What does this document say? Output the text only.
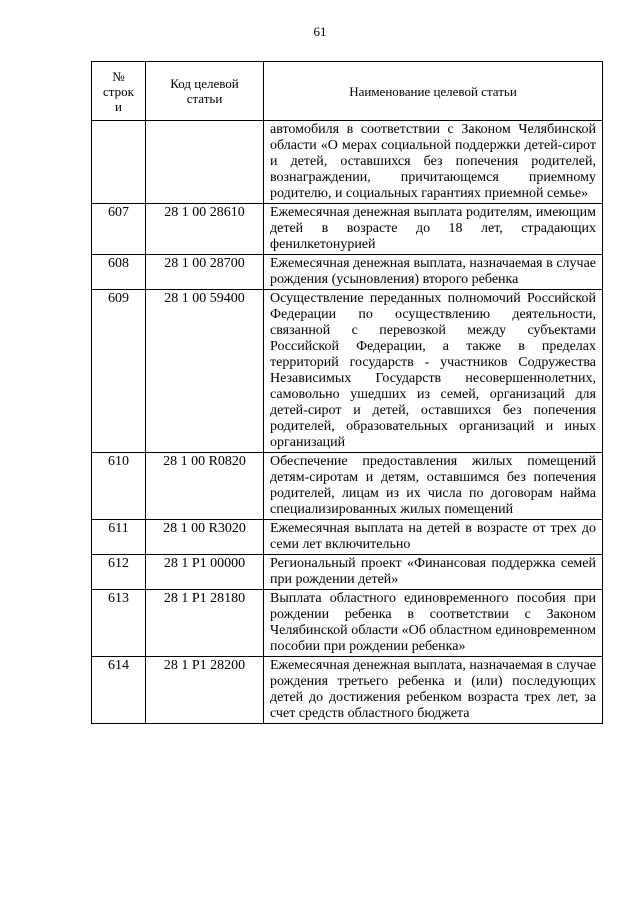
61
№ строк и	Код целевой статьи	Наименование целевой статьи
		автомобиля в соответствии с Законом Челябинской области «О мерах социальной поддержки детей-сирот и детей, оставшихся без попечения родителей, вознаграждении, причитающемся приемному родителю, и социальных гарантиях приемной семье»
607	28 1 00 28610	Ежемесячная денежная выплата родителям, имеющим детей в возрасте до 18 лет, страдающих фенилкетонурией
608	28 1 00 28700	Ежемесячная денежная выплата, назначаемая в случае рождения (усыновления) второго ребенка
609	28 1 00 59400	Осуществление переданных полномочий Российской Федерации по осуществлению деятельности, связанной с перевозкой между субъектами Российской Федерации, а также в пределах территорий государств - участников Содружества Независимых Государств несовершеннолетних, самовольно ушедших из семей, организаций для детей-сирот и детей, оставшихся без попечения родителей, образовательных организаций и иных организаций
610	28 1 00 R0820	Обеспечение предоставления жилых помещений детям-сиротам и детям, оставшимся без попечения родителей, лицам из их числа по договорам найма специализированных жилых помещений
611	28 1 00 R3020	Ежемесячная выплата на детей в возрасте от трех до семи лет включительно
612	28 1 P1 00000	Региональный проект «Финансовая поддержка семей при рождении детей»
613	28 1 P1 28180	Выплата областного единовременного пособия при рождении ребенка в соответствии с Законом Челябинской области «Об областном единовременном пособии при рождении ребенка»
614	28 1 P1 28200	Ежемесячная денежная выплата, назначаемая в случае рождения третьего ребенка и (или) последующих детей до достижения ребенком возраста трех лет, за счет средств областного бюджета
